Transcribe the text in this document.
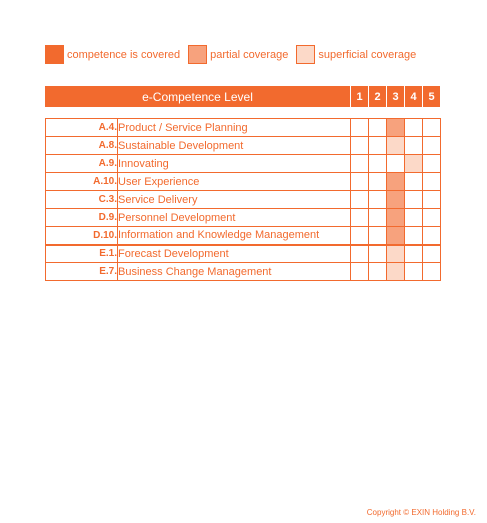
competence is covered	partial coverage	superficial coverage
e-Competence Level	1	2	3	4	5
A.4.	Product / Service Planning					
A.8.	Sustainable Development					
A.9.	Innovating					
A.10.	User Experience					
C.3.	Service Delivery					
D.9.	Personnel Development					
D.10.	Information and Knowledge Management					
E.1.	Forecast Development					
E.7.	Business Change Management					
Copyright © EXIN Holding B.V.
